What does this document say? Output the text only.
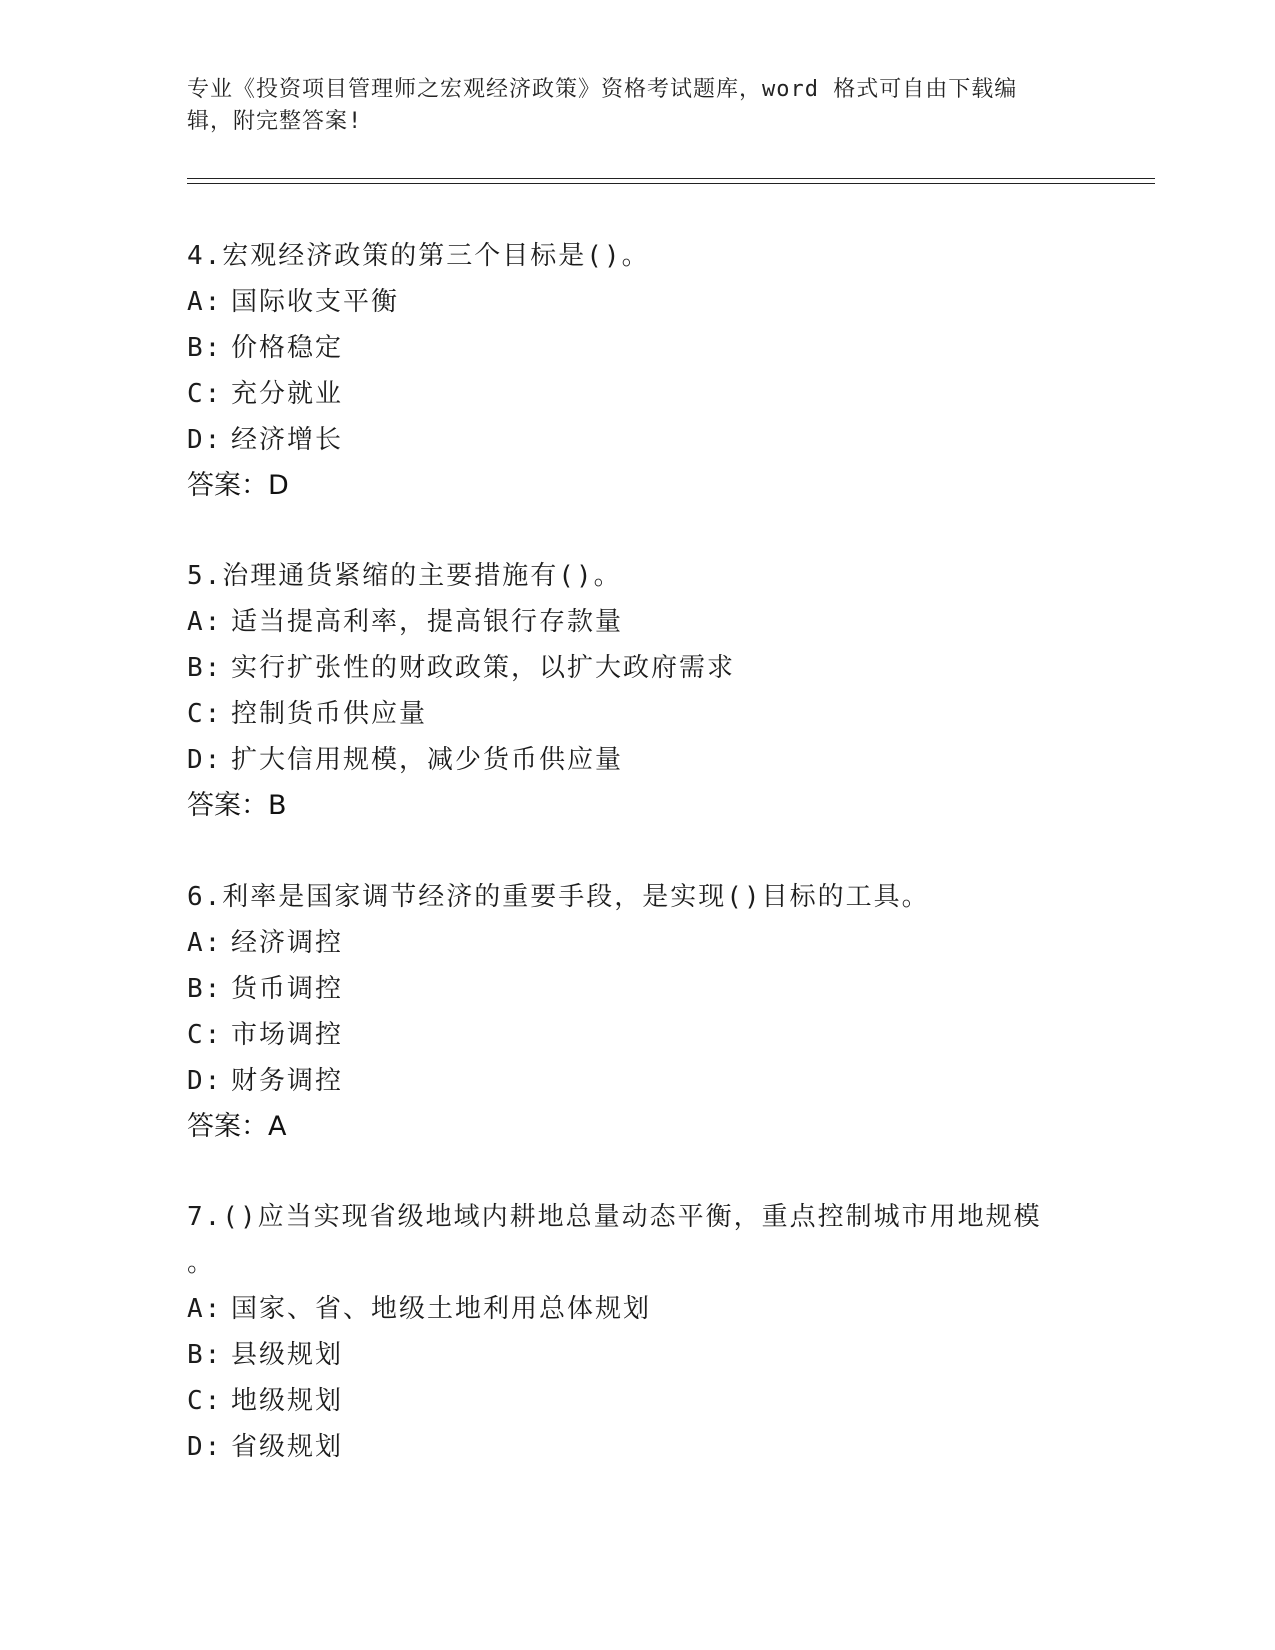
专业《投资项目管理师之宏观经济政策》资格考试题库，word 格式可自由下载编
辑，附完整答案!
4.宏观经济政策的第三个目标是()。
A: 国际收支平衡
B: 价格稳定
C: 充分就业
D: 经济增长
答案：D
5.治理通货紧缩的主要措施有()。
A: 适当提高利率，提高银行存款量
B: 实行扩张性的财政政策，以扩大政府需求
C: 控制货币供应量
D: 扩大信用规模，减少货币供应量
答案：B
6.利率是国家调节经济的重要手段，是实现()目标的工具。
A: 经济调控
B: 货币调控
C: 市场调控
D: 财务调控
答案：A
7.()应当实现省级地域内耕地总量动态平衡，重点控制城市用地规模
。
A: 国家、省、地级土地利用总体规划
B: 县级规划
C: 地级规划
D: 省级规划
